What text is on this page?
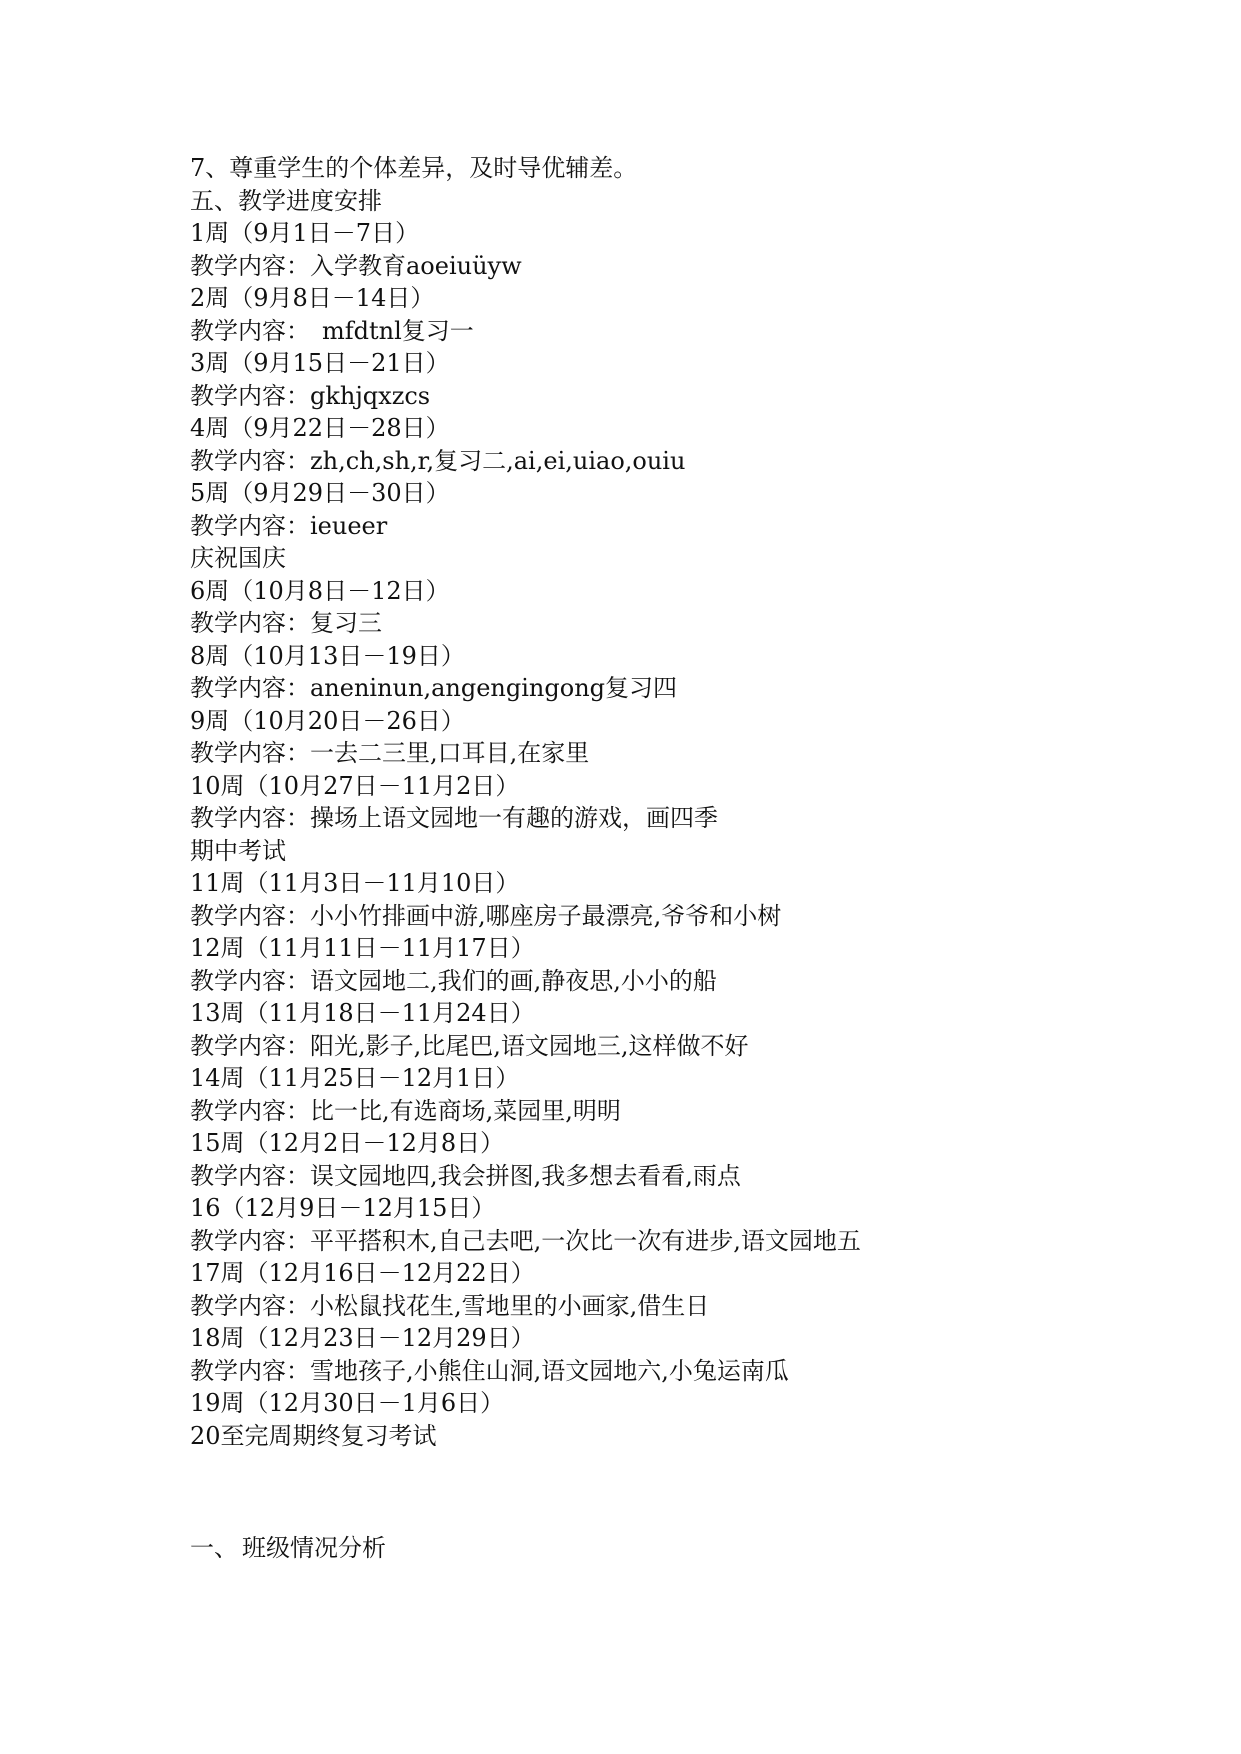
7、尊重学生的个体差异，及时导优辅差。
五、教学进度安排
1周（9月1日－7日）
教学内容：入学教育aoeiuüyw
2周（9月8日－14日）
教学内容：　mfdtnl复习一
3周（9月15日－21日）
教学内容：gkhjqxzcs
4周（9月22日－28日）
教学内容：zh,ch,sh,r,复习二,ai,ei,uiao,ouiu
5周（9月29日－30日）
教学内容：ieueer
庆祝国庆
6周（10月8日－12日）
教学内容：复习三
8周（10月13日－19日）
教学内容：aneninun,angengingong复习四
9周（10月20日－26日）
教学内容：一去二三里,口耳目,在家里
10周（10月27日－11月2日）
教学内容：操场上语文园地一有趣的游戏，画四季
期中考试
11周（11月3日－11月10日）
教学内容：小小竹排画中游,哪座房子最漂亮,爷爷和小树
12周（11月11日－11月17日）
教学内容：语文园地二,我们的画,静夜思,小小的船
13周（11月18日－11月24日）
教学内容：阳光,影子,比尾巴,语文园地三,这样做不好
14周（11月25日－12月1日）
教学内容：比一比,有选商场,菜园里,明明
15周（12月2日－12月8日）
教学内容：误文园地四,我会拼图,我多想去看看,雨点
16（12月9日－12月15日）
教学内容：平平搭积木,自己去吧,一次比一次有进步,语文园地五
17周（12月16日－12月22日）
教学内容：小松鼠找花生,雪地里的小画家,借生日
18周（12月23日－12月29日）
教学内容：雪地孩子,小熊住山洞,语文园地六,小兔运南瓜
19周（12月30日－1月6日）
20至完周期终复习考试
一、 班级情况分析
